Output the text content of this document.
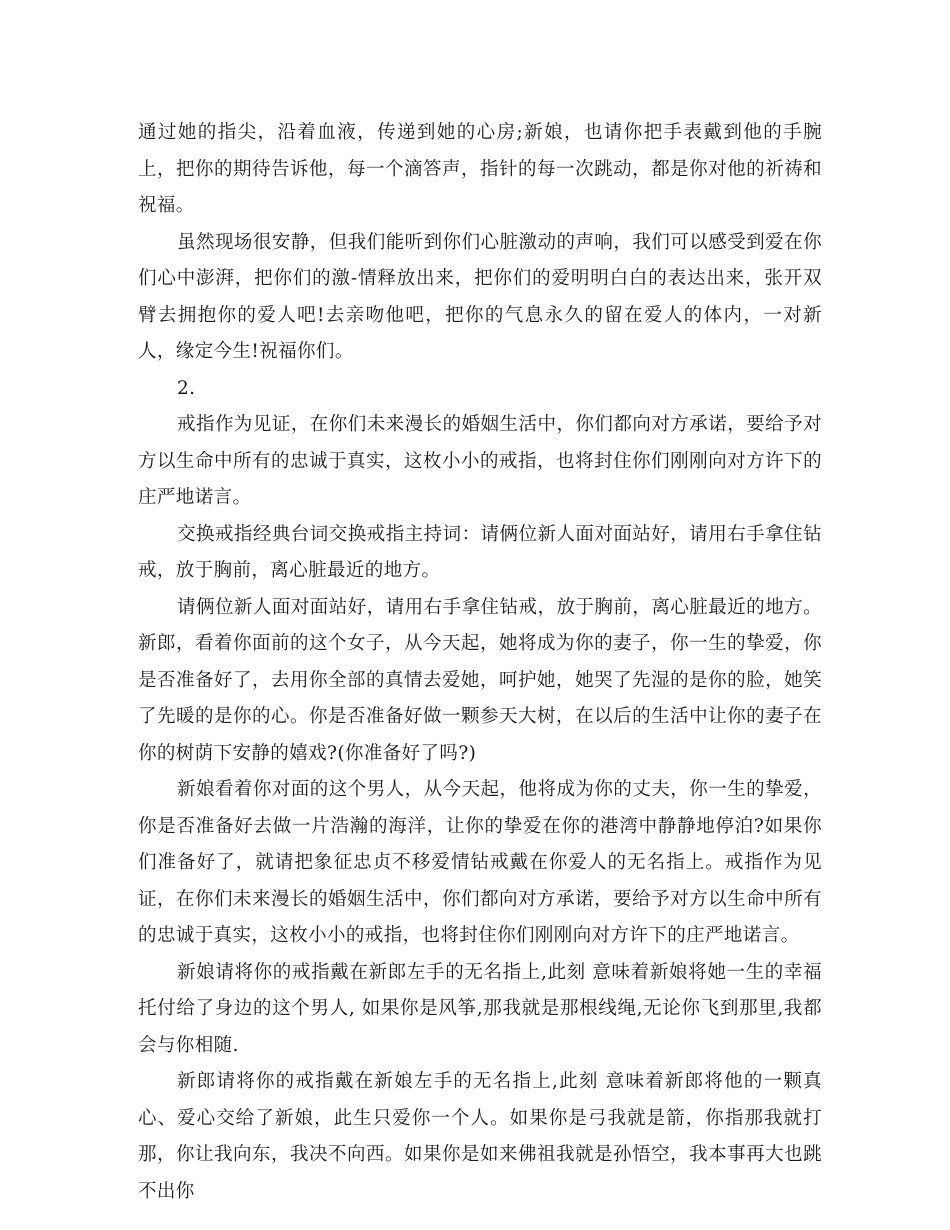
通过她的指尖，沿着血液，传递到她的心房;新娘，也请你把手表戴到他的手腕上，把你的期待告诉他，每一个滴答声，指针的每一次跳动，都是你对他的祈祷和祝福。

虽然现场很安静，但我们能听到你们心脏激动的声响，我们可以感受到爱在你们心中澎湃，把你们的激-情释放出来，把你们的爱明明白白的表达出来，张开双臂去拥抱你的爱人吧!去亲吻他吧，把你的气息永久的留在爱人的体内，一对新人，缘定今生!祝福你们。

2.

戒指作为见证，在你们未来漫长的婚姻生活中，你们都向对方承诺，要给予对方以生命中所有的忠诚于真实，这枚小小的戒指，也将封住你们刚刚向对方许下的庄严地诺言。

交换戒指经典台词交换戒指主持词：请俩位新人面对面站好，请用右手拿住钻戒，放于胸前，离心脏最近的地方。

请俩位新人面对面站好，请用右手拿住钻戒，放于胸前，离心脏最近的地方。新郎，看着你面前的这个女子，从今天起，她将成为你的妻子，你一生的挚爱，你是否准备好了，去用你全部的真情去爱她，呵护她，她哭了先湿的是你的脸，她笑了先暖的是你的心。你是否准备好做一颗参天大树，在以后的生活中让你的妻子在你的树荫下安静的嬉戏?(你准备好了吗?)

新娘看着你对面的这个男人，从今天起，他将成为你的丈夫，你一生的挚爱，你是否准备好去做一片浩瀚的海洋，让你的挚爱在你的港湾中静静地停泊?如果你们准备好了，就请把象征忠贞不移爱情钻戒戴在你爱人的无名指上。戒指作为见证，在你们未来漫长的婚姻生活中，你们都向对方承诺，要给予对方以生命中所有的忠诚于真实，这枚小小的戒指，也将封住你们刚刚向对方许下的庄严地诺言。

新娘请将你的戒指戴在新郎左手的无名指上,此刻 意味着新娘将她一生的幸福托付给了身边的这个男人, 如果你是风筝,那我就是那根线绳,无论你飞到那里,我都会与你相随.

新郎请将你的戒指戴在新娘左手的无名指上,此刻 意味着新郎将他的一颗真心、爱心交给了新娘，此生只爱你一个人。如果你是弓我就是箭，你指那我就打那，你让我向东，我决不向西。如果你是如来佛祖我就是孙悟空，我本事再大也跳不出你
